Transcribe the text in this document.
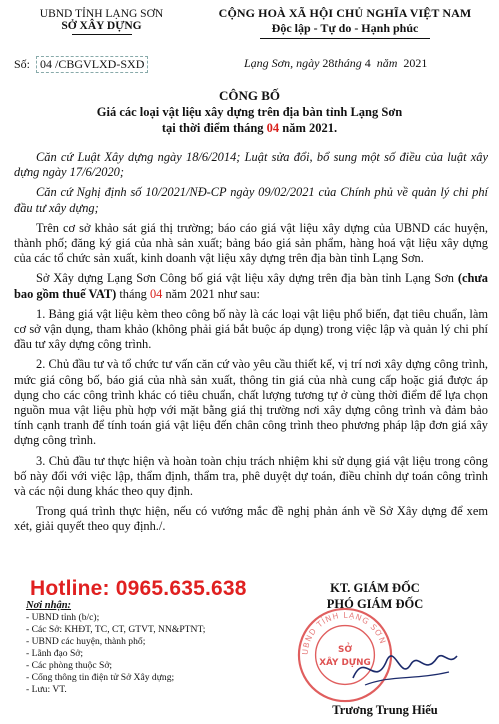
UBND TỈNH LẠNG SƠN
SỞ XÂY DỰNG
CỘNG HOÀ XÃ HỘI CHỦ NGHĨA VIỆT NAM
Độc lập - Tự do - Hạnh phúc
Số: 04 /CBGVLXD-SXD	Lạng Sơn, ngày 28tháng 4 năm 2021
CÔNG BỐ
Giá các loại vật liệu xây dựng trên địa bàn tỉnh Lạng Sơn
tại thời điểm tháng 04 năm 2021.

Căn cứ Luật Xây dựng ngày 18/6/2014; Luật sửa đổi, bổ sung một số điều của luật xây dựng ngày 17/6/2020;

Căn cứ Nghị định số 10/2021/NĐ-CP ngày 09/02/2021 của Chính phủ về quản lý chi phí đầu tư xây dựng;

Trên cơ sở khảo sát giá thị trường; báo cáo giá vật liệu xây dựng của UBND các huyện, thành phố; đăng ký giá của nhà sản xuất; bảng báo giá sản phẩm, hàng hoá vật liệu xây dựng của các tổ chức sản xuất, kinh doanh vật liệu xây dựng trên địa bàn tỉnh Lạng Sơn.

Sở Xây dựng Lạng Sơn Công bố giá vật liệu xây dựng trên địa bàn tỉnh Lạng Sơn (chưa bao gồm thuế VAT) tháng 04 năm 2021 như sau:

1. Bảng giá vật liệu kèm theo công bố này là các loại vật liệu phổ biến, đạt tiêu chuẩn, làm cơ sở vận dụng, tham khảo (không phải giá bắt buộc áp dụng) trong việc lập và quản lý chi phí đầu tư xây dựng công trình.

2. Chủ đầu tư và tổ chức tư vấn căn cứ vào yêu cầu thiết kế, vị trí nơi xây dựng công trình, mức giá công bố, báo giá của nhà sản xuất, thông tin giá của nhà cung cấp hoặc giá được áp dụng cho các công trình khác có tiêu chuẩn, chất lượng tương tự ở cùng thời điểm để lựa chọn nguồn mua vật liệu phù hợp với mặt bằng giá thị trường nơi xây dựng công trình và đảm bảo tính cạnh tranh để tính toán giá vật liệu đến chân công trình theo phương pháp lập đơn giá xây dựng công trình.

3. Chủ đầu tư thực hiện và hoàn toàn chịu trách nhiệm khi sử dụng giá vật liệu trong công bố này đối với việc lập, thẩm định, thẩm tra, phê duyệt dự toán, điều chỉnh dự toán công trình và các nội dung khác theo quy định.

Trong quá trình thực hiện, nếu có vướng mắc đề nghị phản ánh về Sở Xây dựng để xem xét, giải quyết theo quy định./.

Hotline: 0965.635.638
Nơi nhận:
- UBND tỉnh (b/c);
- Các Sở: KHĐT, TC, CT, GTVT, NN&PTNT;
- UBND các huyện, thành phố;
- Lãnh đạo Sở;
- Các phòng thuộc Sở;
- Cổng thông tin điện tử Sở Xây dựng;
- Lưu: VT.
KT. GIÁM ĐỐC
PHÓ GIÁM ĐỐC
UBND TỈNH LẠNG SƠN
SỞ
XÂY DỰNG
Trương Trung Hiếu
